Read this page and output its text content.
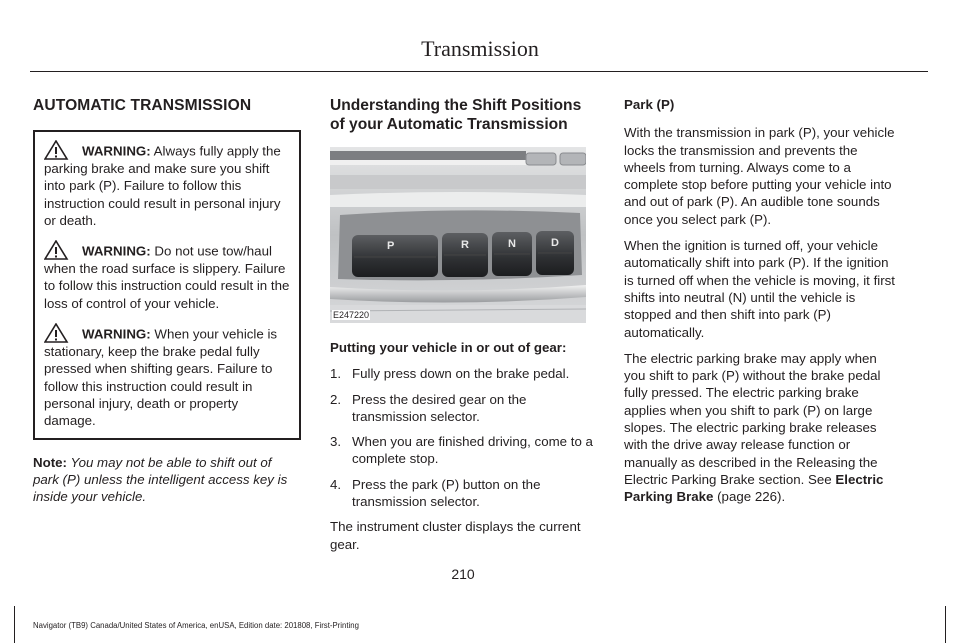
Transmission
AUTOMATIC TRANSMISSION
WARNING: Always fully apply the parking brake and make sure you shift into park (P). Failure to follow this instruction could result in personal injury or death.
WARNING: Do not use tow/haul when the road surface is slippery. Failure to follow this instruction could result in the loss of control of your vehicle.
WARNING: When your vehicle is stationary, keep the brake pedal fully pressed when shifting gears. Failure to follow this instruction could result in personal injury, death or property damage.
Note: You may not be able to shift out of park (P) unless the intelligent access key is inside your vehicle.
Understanding the Shift Positions of your Automatic Transmission
P	R	N	D
E247220
Putting your vehicle in or out of gear:
1. Fully press down on the brake pedal.
2. Press the desired gear on the transmission selector.
3. When you are finished driving, come to a complete stop.
4. Press the park (P) button on the transmission selector.
The instrument cluster displays the current gear.
Park (P)
With the transmission in park (P), your vehicle locks the transmission and prevents the wheels from turning. Always come to a complete stop before putting your vehicle into and out of park (P). An audible tone sounds once you select park (P).
When the ignition is turned off, your vehicle automatically shift into park (P). If the ignition is turned off when the vehicle is moving, it first shifts into neutral (N) until the vehicle is stopped and then shift into park (P) automatically.
The electric parking brake may apply when you shift to park (P) without the brake pedal fully pressed. The electric parking brake applies when you shift to park (P) on large slopes. The electric parking brake releases with the drive away release function or manually as described in the Releasing the Electric Parking Brake section. See Electric Parking Brake (page 226).
210
Navigator (TB9) Canada/United States of America, enUSA, Edition date: 201808, First-Printing
